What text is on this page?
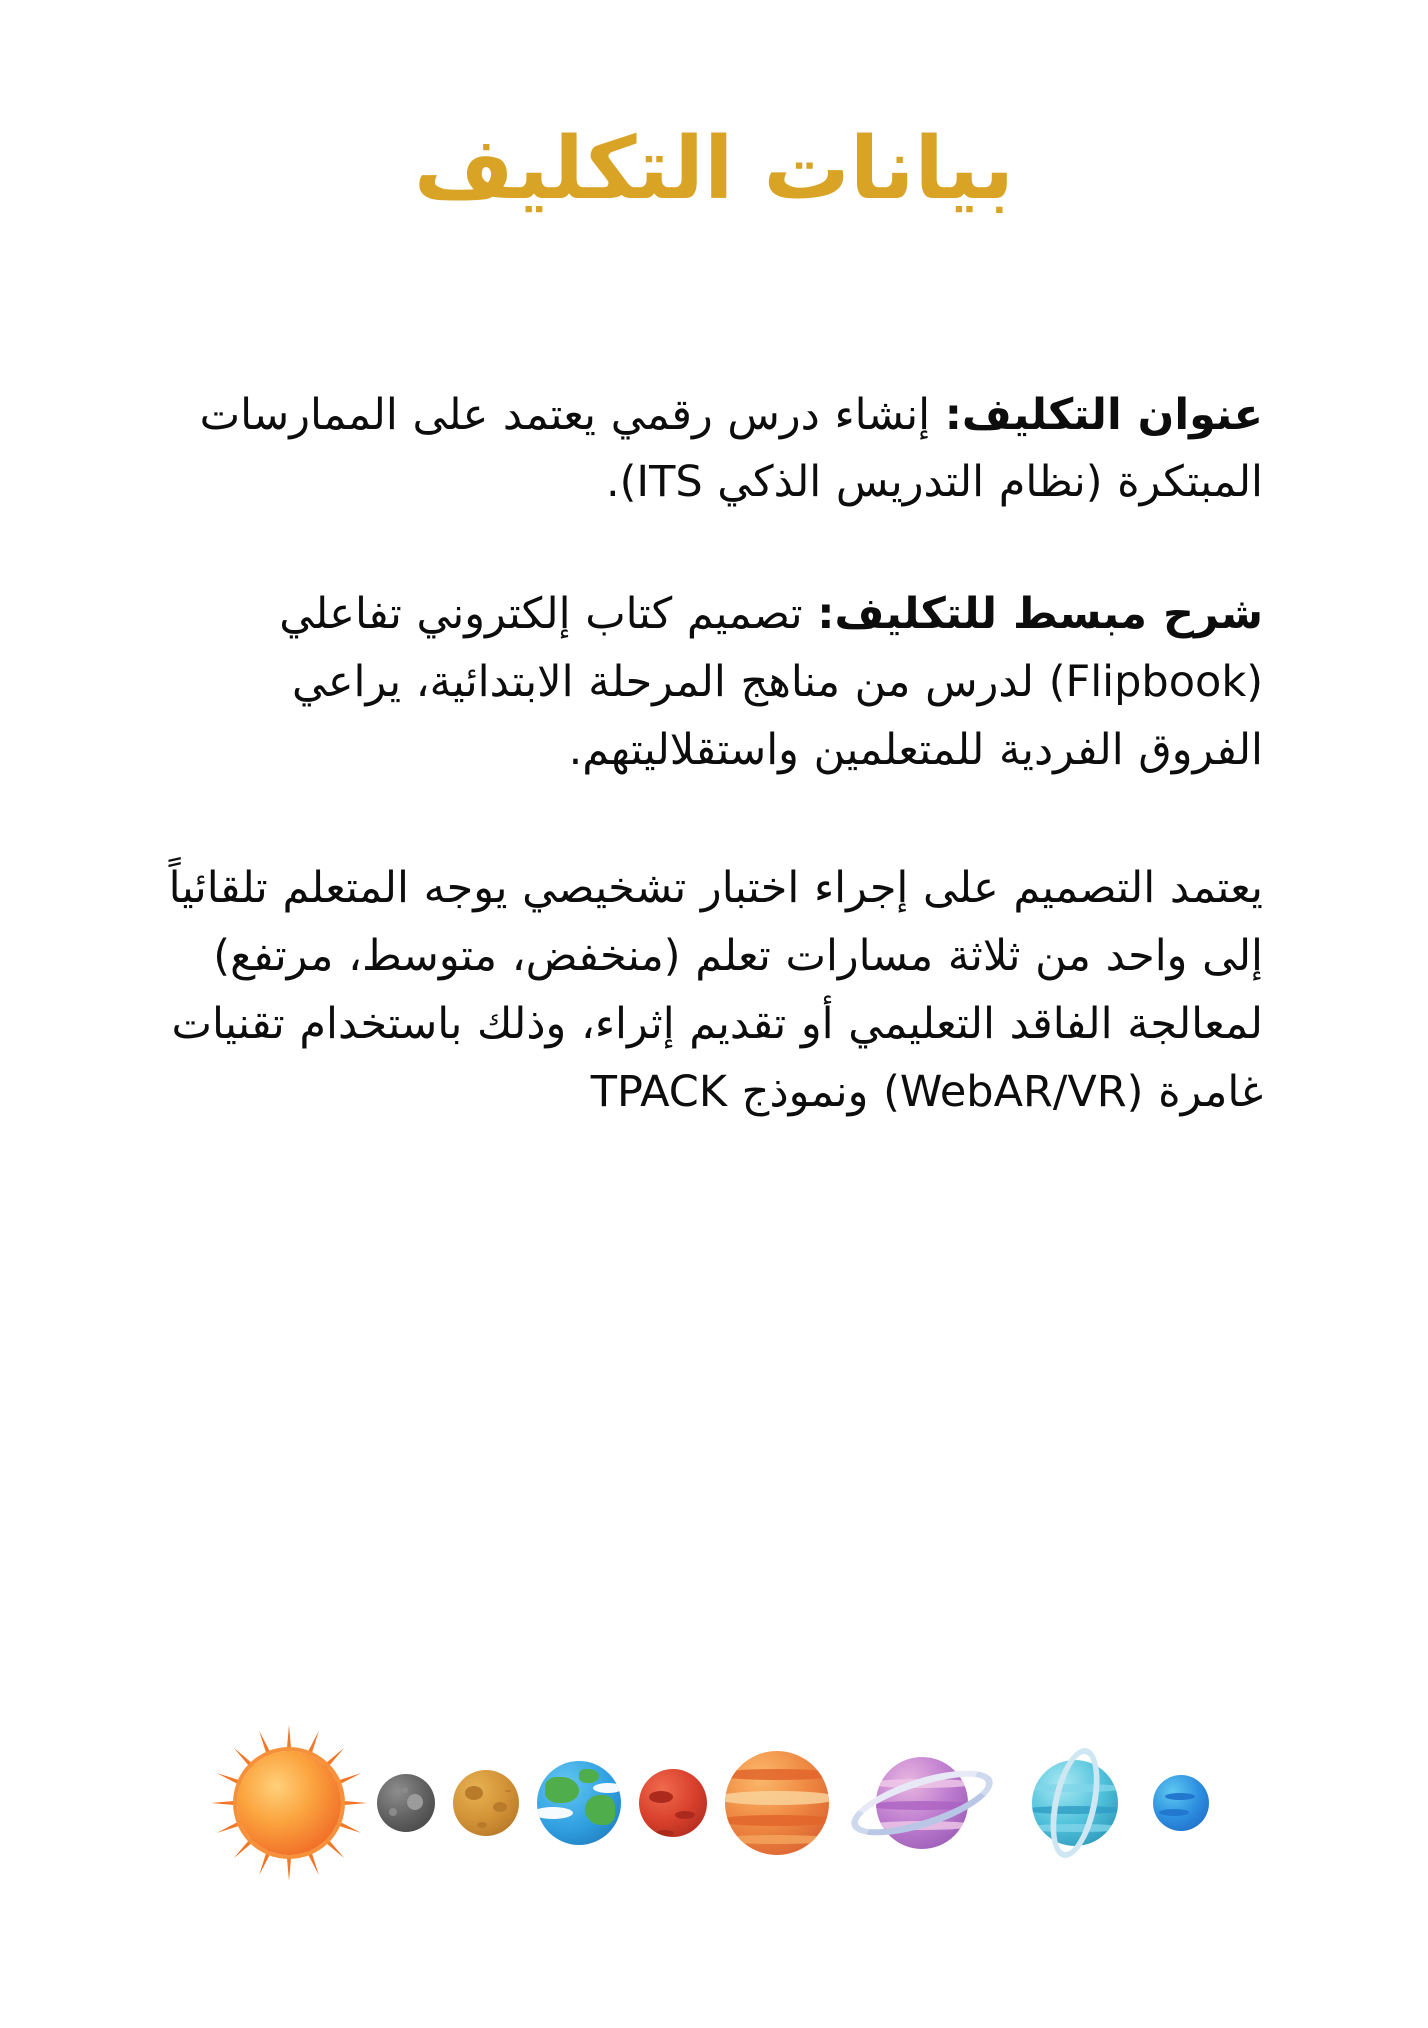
بيانات التكليف

عنوان التكليف: إنشاء درس رقمي يعتمد على الممارسات المبتكرة (نظام التدريس الذكي ITS).

شرح مبسط للتكليف: تصميم كتاب إلكتروني تفاعلي (Flipbook) لدرس من مناهج المرحلة الابتدائية، يراعي الفروق الفردية للمتعلمين واستقلاليتهم.

يعتمد التصميم على إجراء اختبار تشخيصي يوجه المتعلم تلقائياً إلى واحد من ثلاثة مسارات تعلم (منخفض، متوسط، مرتفع) لمعالجة الفاقد التعليمي أو تقديم إثراء، وذلك باستخدام تقنيات غامرة (WebAR/VR) ونموذج TPACK
